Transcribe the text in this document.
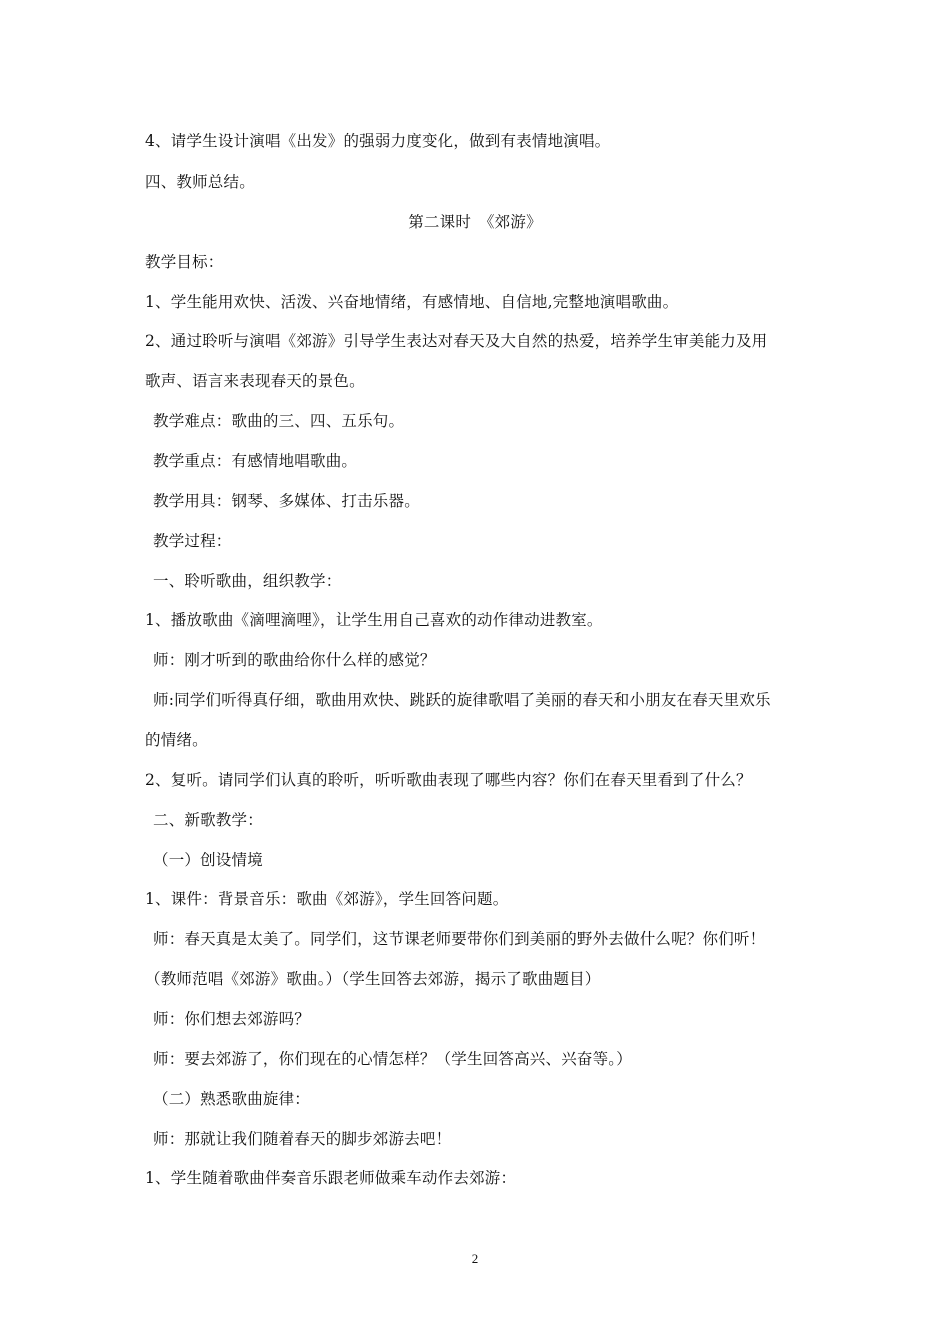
4、请学生设计演唱《出发》的强弱力度变化，做到有表情地演唱。
四、教师总结。
第二课时　《郊游》
教学目标：
1、学生能用欢快、活泼、兴奋地情绪，有感情地、自信地,完整地演唱歌曲。
2、通过聆听与演唱《郊游》引导学生表达对春天及大自然的热爱，培养学生审美能力及用
歌声、语言来表现春天的景色。
教学难点：歌曲的三、四、五乐句。
教学重点：有感情地唱歌曲。
教学用具：钢琴、多媒体、打击乐器。
教学过程：
一、聆听歌曲，组织教学：
1、播放歌曲《滴哩滴哩》，让学生用自己喜欢的动作律动进教室。
师：刚才听到的歌曲给你什么样的感觉？
师:同学们听得真仔细，歌曲用欢快、跳跃的旋律歌唱了美丽的春天和小朋友在春天里欢乐
的情绪。
2、复听。请同学们认真的聆听，听听歌曲表现了哪些内容？你们在春天里看到了什么？
二、新歌教学：
（一）创设情境
1、课件：背景音乐：歌曲《郊游》，学生回答问题。
师：春天真是太美了。同学们，这节课老师要带你们到美丽的野外去做什么呢？你们听！
（教师范唱《郊游》歌曲。）（学生回答去郊游，揭示了歌曲题目）
师：你们想去郊游吗？
师：要去郊游了，你们现在的心情怎样？（学生回答高兴、兴奋等。）
（二）熟悉歌曲旋律：
师：那就让我们随着春天的脚步郊游去吧！
1、学生随着歌曲伴奏音乐跟老师做乘车动作去郊游：
2
